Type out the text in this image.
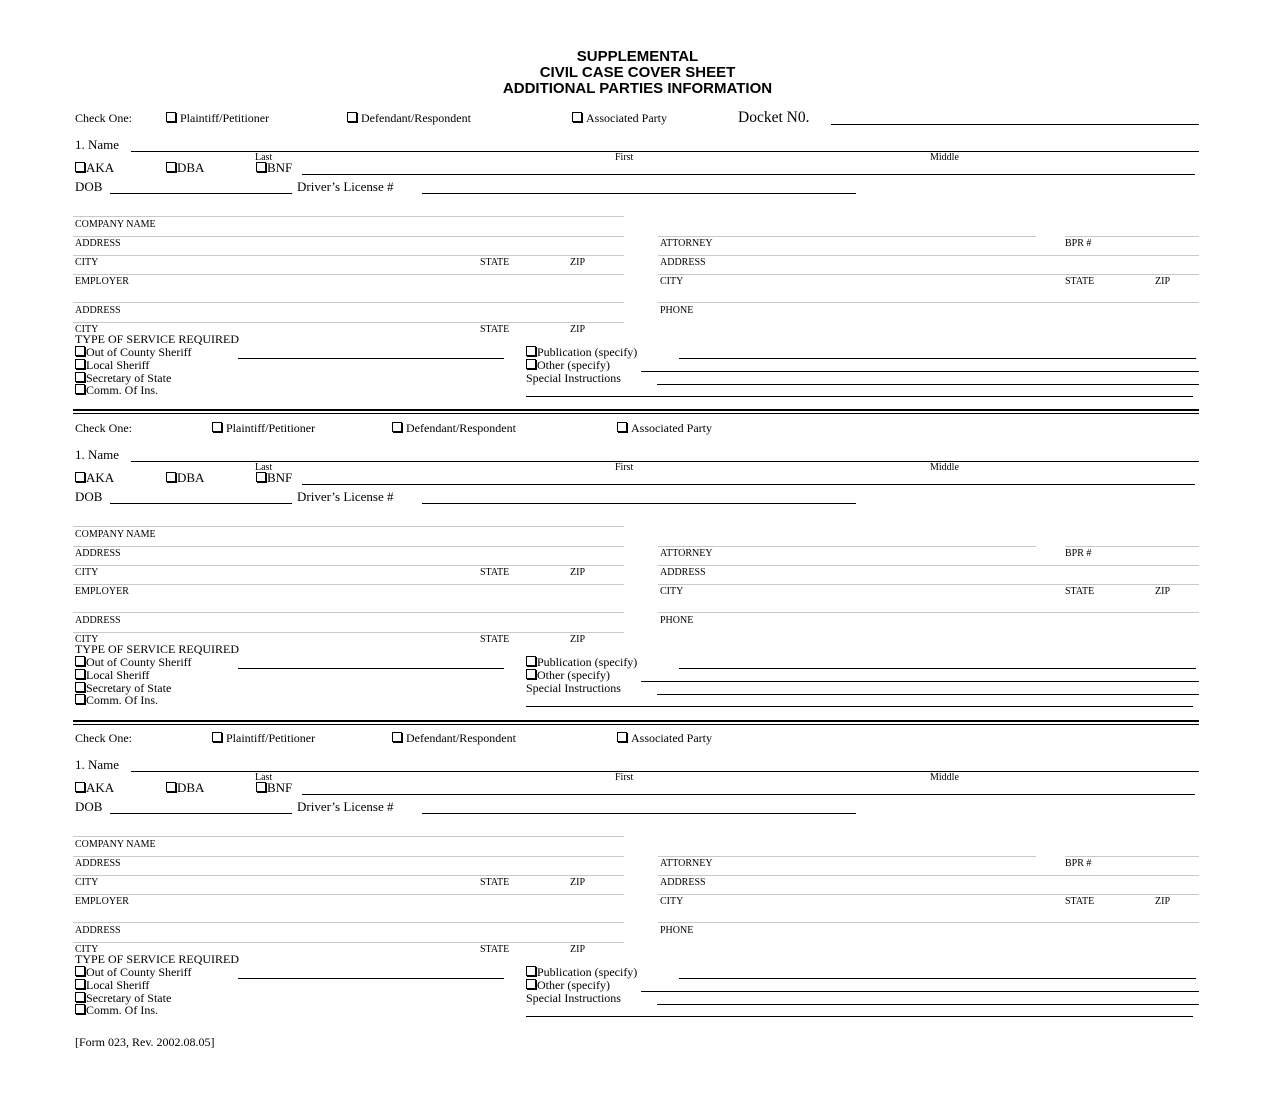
SUPPLEMENTAL
CIVIL CASE COVER SHEET
ADDITIONAL PARTIES INFORMATION
Docket N0.
Check One:	Plaintiff/Petitioner	Defendant/Respondent	Associated Party
1. Name
Last	First	Middle
AKA	DBA	BNF
DOB	Driver’s License #
COMPANY NAME
ADDRESS
CITY	STATE	ZIP
EMPLOYER
ADDRESS
CITY	STATE	ZIP
ATTORNEY	BPR #
ADDRESS
CITY	STATE	ZIP
PHONE
TYPE OF SERVICE REQUIRED
Out of County Sheriff
Local Sheriff
Secretary of State
Comm. Of Ins.
Publication (specify)
Other (specify)
Special Instructions
Check One:	Plaintiff/Petitioner	Defendant/Respondent	Associated Party
1. Name
Last	First	Middle
AKA	DBA	BNF
DOB	Driver’s License #
COMPANY NAME
ADDRESS
CITY	STATE	ZIP
EMPLOYER
ADDRESS
CITY	STATE	ZIP
ATTORNEY	BPR #
ADDRESS
CITY	STATE	ZIP
PHONE
TYPE OF SERVICE REQUIRED
Out of County Sheriff
Local Sheriff
Secretary of State
Comm. Of Ins.
Publication (specify)
Other (specify)
Special Instructions
Check One:	Plaintiff/Petitioner	Defendant/Respondent	Associated Party
1. Name
Last	First	Middle
AKA	DBA	BNF
DOB	Driver’s License #
COMPANY NAME
ADDRESS
CITY	STATE	ZIP
EMPLOYER
ADDRESS
CITY	STATE	ZIP
ATTORNEY	BPR #
ADDRESS
CITY	STATE	ZIP
PHONE
TYPE OF SERVICE REQUIRED
Out of County Sheriff
Local Sheriff
Secretary of State
Comm. Of Ins.
Publication (specify)
Other (specify)
Special Instructions
[Form 023, Rev. 2002.08.05]
